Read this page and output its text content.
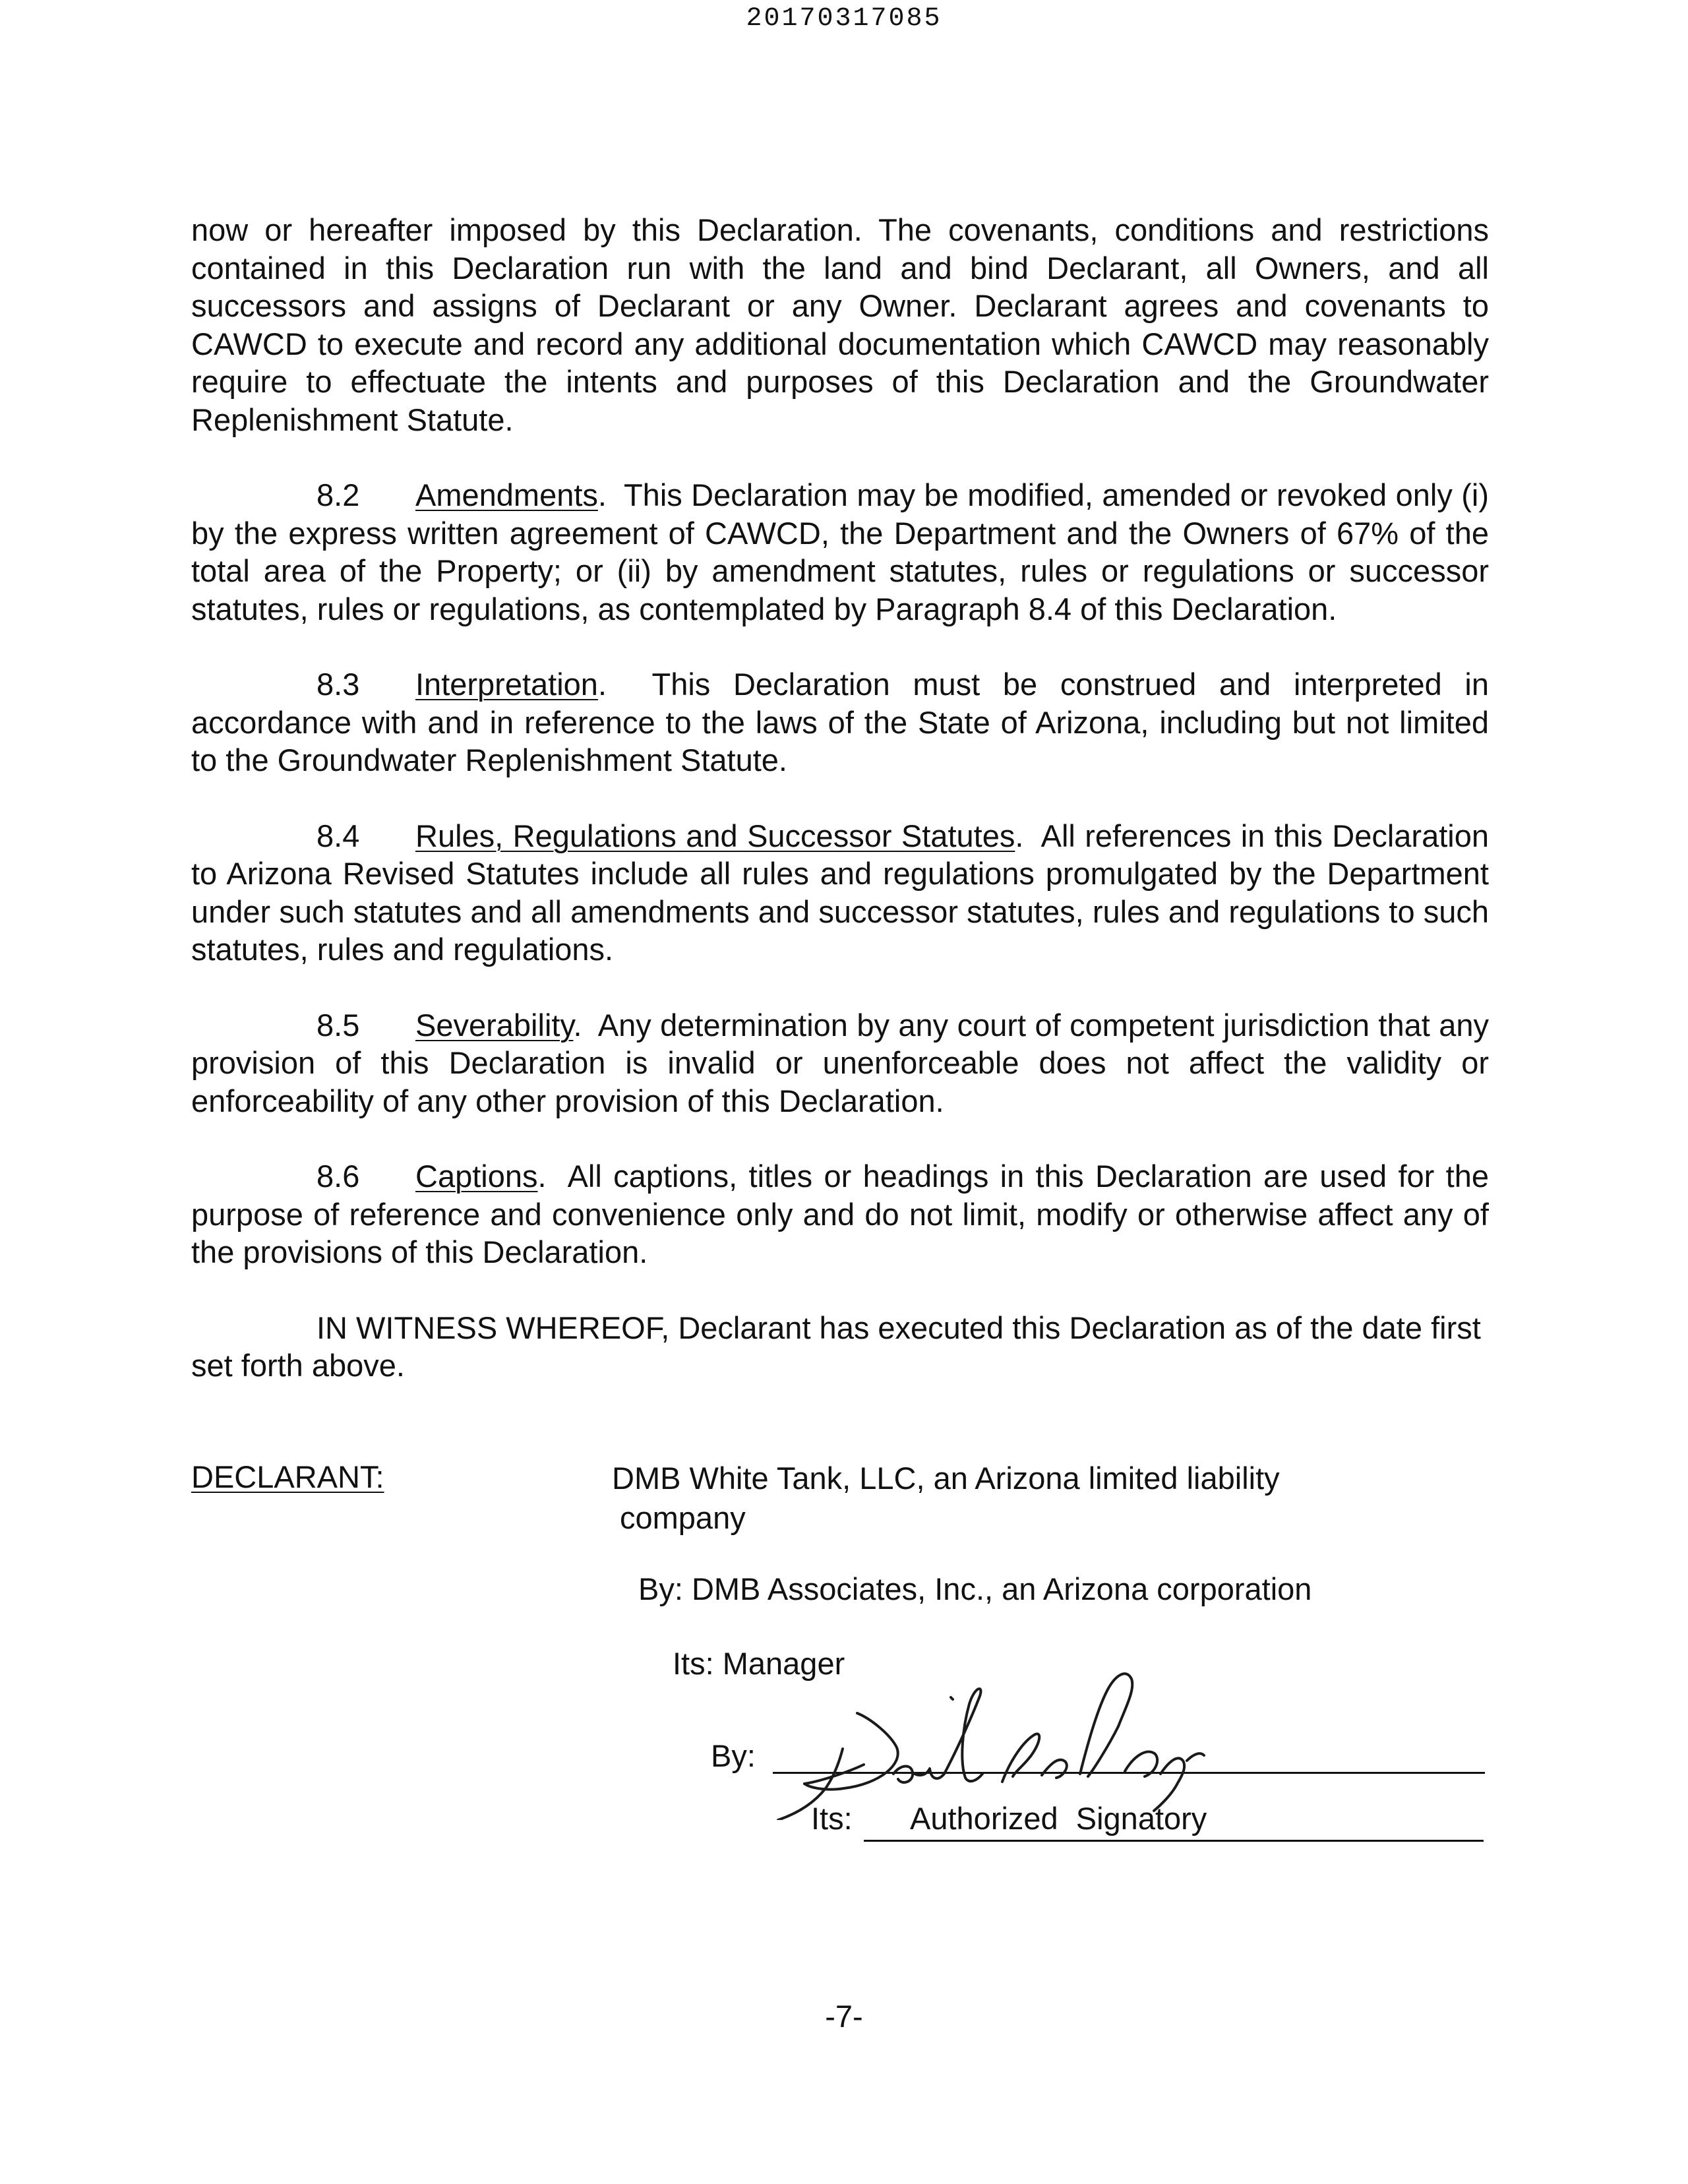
20170317085

now or hereafter imposed by this Declaration. The covenants, conditions and restrictions contained in this Declaration run with the land and bind Declarant, all Owners, and all successors and assigns of Declarant or any Owner. Declarant agrees and covenants to CAWCD to execute and record any additional documentation which CAWCD may reasonably require to effectuate the intents and purposes of this Declaration and the Groundwater Replenishment Statute.

8.2 Amendments.  This Declaration may be modified, amended or revoked only (i) by the express written agreement of CAWCD, the Department and the Owners of 67% of the total area of the Property; or (ii) by amendment statutes, rules or regulations or successor statutes, rules or regulations, as contemplated by Paragraph 8.4 of this Declaration.

8.3 Interpretation.  This Declaration must be construed and interpreted in accordance with and in reference to the laws of the State of Arizona, including but not limited to the Groundwater Replenishment Statute.

8.4 Rules, Regulations and Successor Statutes.  All references in this Declaration to Arizona Revised Statutes include all rules and regulations promulgated by the Department under such statutes and all amendments and successor statutes, rules and regulations to such statutes, rules and regulations.

8.5 Severability.  Any determination by any court of competent jurisdiction that any provision of this Declaration is invalid or unenforceable does not affect the validity or enforceability of any other provision of this Declaration.

8.6 Captions.  All captions, titles or headings in this Declaration are used for the purpose of reference and convenience only and do not limit, modify or otherwise affect any of the provisions of this Declaration.

IN WITNESS WHEREOF, Declarant has executed this Declaration as of the date first set forth above.

DECLARANT:	DMB White Tank, LLC, an Arizona limited liability
company
By: DMB Associates, Inc., an Arizona corporation
Its: Manager
By:
Its:	Authorized Signatory
-7-
